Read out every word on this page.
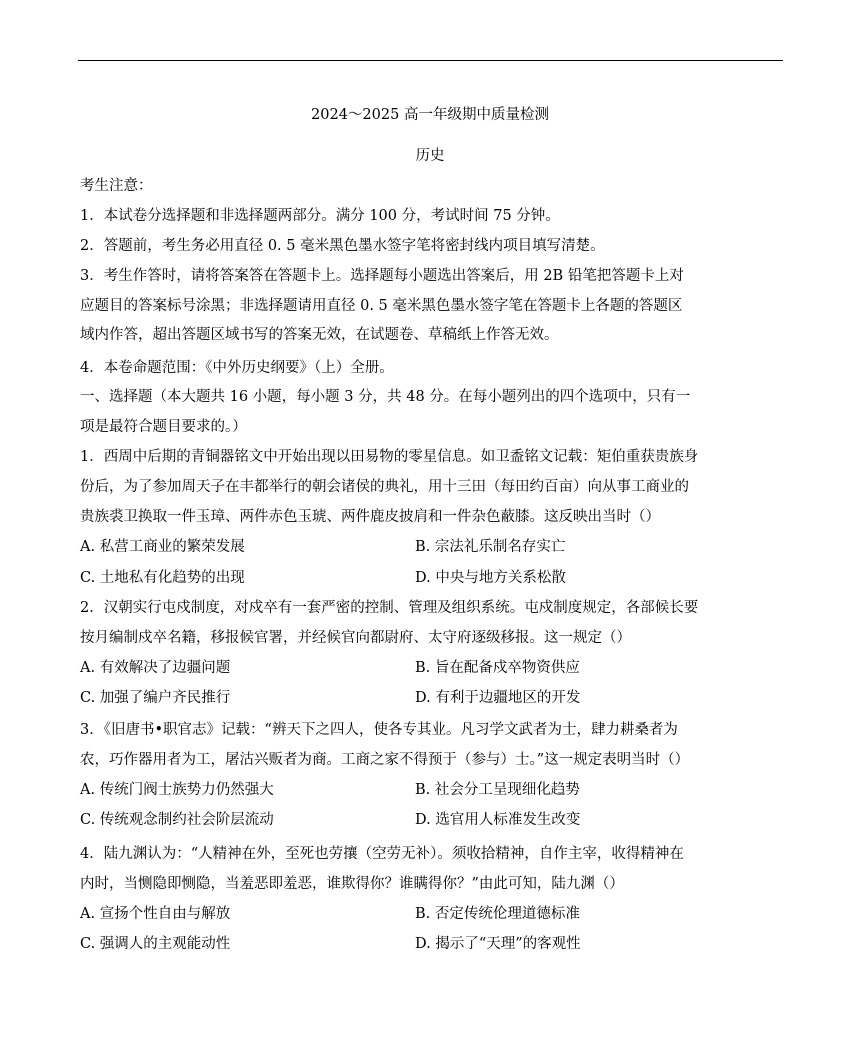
2024～2025 高一年级期中质量检测
历史
考生注意：
1．本试卷分选择题和非选择题两部分。满分 100 分，考试时间 75 分钟。
2．答题前，考生务必用直径 0. 5 毫米黑色墨水签字笔将密封线内项目填写清楚。
3．考生作答时，请将答案答在答题卡上。选择题每小题选出答案后，用 2B 铅笔把答题卡上对
应题目的答案标号涂黑；非选择题请用直径 0. 5 毫米黑色墨水签字笔在答题卡上各题的答题区
域内作答，超出答题区域书写的答案无效，在试题卷、草稿纸上作答无效。
4．本卷命题范围：《中外历史纲要》（上）全册。
一、选择题（本大题共 16 小题，每小题 3 分，共 48 分。在每小题列出的四个选项中，只有一
项是最符合题目要求的。）
1．西周中后期的青铜器铭文中开始出现以田易物的零星信息。如卫盉铭文记载：矩伯重获贵族身
份后，为了参加周天子在丰都举行的朝会诸侯的典礼，用十三田（每田约百亩）向从事工商业的
贵族裘卫换取一件玉璋、两件赤色玉琥、两件鹿皮披肩和一件杂色蔽膝。这反映出当时（）
A. 私营工商业的繁荣发展	B. 宗法礼乐制名存实亡
C. 土地私有化趋势的出现	D. 中央与地方关系松散
2．汉朝实行屯戍制度，对戍卒有一套严密的控制、管理及组织系统。屯戍制度规定，各部候长要
按月编制戍卒名籍，移报候官署，并经候官向都尉府、太守府逐级移报。这一规定（）
A. 有效解决了边疆问题	B. 旨在配备戍卒物资供应
C. 加强了编户齐民推行	D. 有利于边疆地区的开发
3．《旧唐书•职官志》记载：“辨天下之四人，使各专其业。凡习学文武者为士，肆力耕桑者为
农，巧作器用者为工，屠沽兴贩者为商。工商之家不得预于（参与）士。”这一规定表明当时（）
A. 传统门阀士族势力仍然强大	B. 社会分工呈现细化趋势
C. 传统观念制约社会阶层流动	D. 选官用人标准发生改变
4．陆九渊认为：“人精神在外，至死也劳攘（空劳无补）。须收拾精神，自作主宰，收得精神在
内时，当恻隐即恻隐，当羞恶即羞恶，谁欺得你？谁瞒得你？”由此可知，陆九渊（）
A. 宣扬个性自由与解放	B. 否定传统伦理道德标准
C. 强调人的主观能动性	D. 揭示了“天理”的客观性
